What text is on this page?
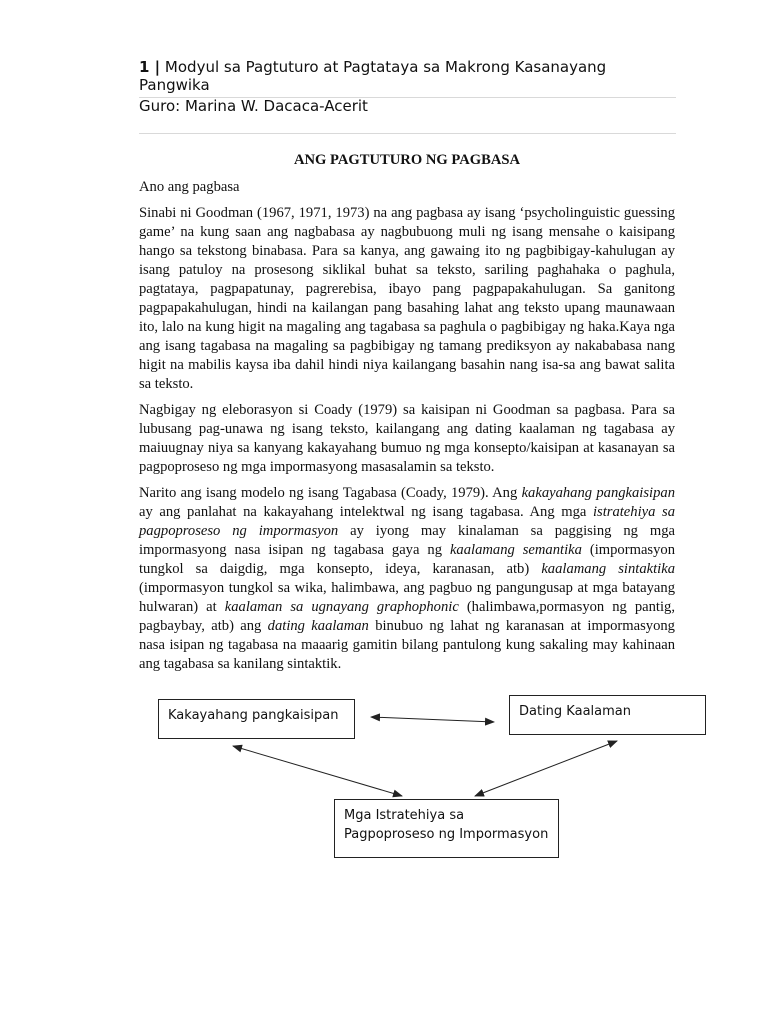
1 | Modyul sa Pagtuturo at Pagtataya sa Makrong Kasanayang Pangwika
Guro: Marina W. Dacaca-Acerit
ANG PAGTUTURO NG PAGBASA
Ano ang pagbasa

Sinabi ni Goodman (1967, 1971, 1973) na ang pagbasa ay isang ‘psycholinguistic guessing game’ na kung saan ang nagbabasa ay nagbubuong muli ng isang mensahe o kaisipang hango sa tekstong binabasa. Para sa kanya, ang gawaing ito ng pagbibigay-kahulugan ay isang patuloy na prosesong siklikal buhat sa teksto, sariling paghahaka o paghula, pagtataya, pagpapatunay, pagrerebisa, ibayo pang pagpapakahulugan. Sa ganitong pagpapakahulugan, hindi na kailangan pang basahing lahat ang teksto upang maunawaan ito, lalo na kung higit na magaling ang tagabasa sa paghula o pagbibigay ng haka.Kaya nga ang isang tagabasa na magaling sa pagbibigay ng tamang prediksyon ay nakababasa nang higit na mabilis kaysa iba dahil hindi niya kailangang basahin nang isa-sa ang bawat salita sa teksto.

Nagbigay ng eleborasyon si Coady (1979) sa kaisipan ni Goodman sa pagbasa. Para sa lubusang pag-unawa ng isang teksto, kailangang ang dating kaalaman ng tagabasa ay maiuugnay niya sa kanyang kakayahang bumuo ng mga konsepto/kaisipan at kasanayan sa pagpoproseso ng mga impormasyong masasalamin sa teksto.

Narito ang isang modelo ng isang Tagabasa (Coady, 1979). Ang kakayahang pangkaisipan ay ang panlahat na kakayahang intelektwal ng isang tagabasa. Ang mga istratehiya sa pagpoproseso ng impormasyon ay iyong may kinalaman sa paggising ng mga impormasyong nasa isipan ng tagabasa gaya ng kaalamang semantika (impormasyon tungkol sa daigdig, mga konsepto, ideya, karanasan, atb) kaalamang sintaktika (impormasyon tungkol sa wika, halimbawa, ang pagbuo ng pangungusap at mga batayang hulwaran) at kaalaman sa ugnayang graphophonic (halimbawa,pormasyon ng pantig, pagbaybay, atb) ang dating kaalaman binubuo ng lahat ng karanasan at impormasyong nasa isipan ng tagabasa na maaarig gamitin bilang pantulong kung sakaling may kahinaan ang tagabasa sa kanilang sintaktik.

Kakayahang pangkaisipan	Dating Kaalaman
Mga Istratehiya sa
Pagpoproseso ng Impormasyon
